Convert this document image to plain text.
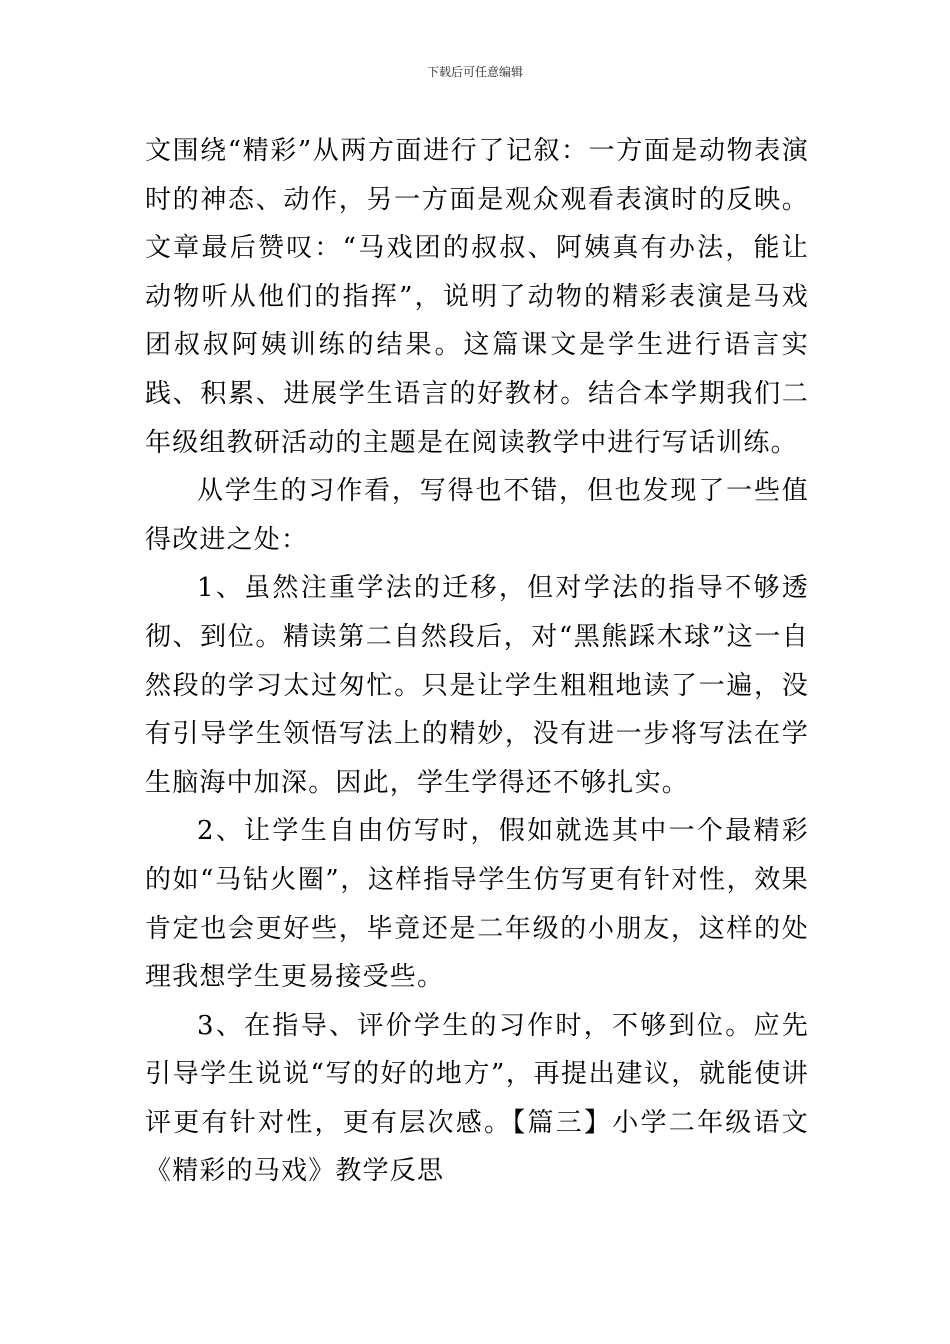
下载后可任意编辑

文围绕“精彩”从两方面进行了记叙：一方面是动物表演时的神态、动作，另一方面是观众观看表演时的反映。文章最后赞叹：“马戏团的叔叔、阿姨真有办法，能让动物听从他们的指挥”，说明了动物的精彩表演是马戏团叔叔阿姨训练的结果。这篇课文是学生进行语言实践、积累、进展学生语言的好教材。结合本学期我们二年级组教研活动的主题是在阅读教学中进行写话训练。

从学生的习作看，写得也不错，但也发现了一些值得改进之处：

1、虽然注重学法的迁移，但对学法的指导不够透彻、到位。精读第二自然段后，对“黑熊踩木球”这一自然段的学习太过匆忙。只是让学生粗粗地读了一遍，没有引导学生领悟写法上的精妙，没有进一步将写法在学生脑海中加深。因此，学生学得还不够扎实。

2、让学生自由仿写时，假如就选其中一个最精彩的如“马钻火圈”，这样指导学生仿写更有针对性，效果肯定也会更好些，毕竟还是二年级的小朋友，这样的处理我想学生更易接受些。

3、在指导、评价学生的习作时，不够到位。应先引导学生说说“写的好的地方”，再提出建议，就能使讲评更有针对性，更有层次感。【篇三】小学二年级语文《精彩的马戏》教学反思
